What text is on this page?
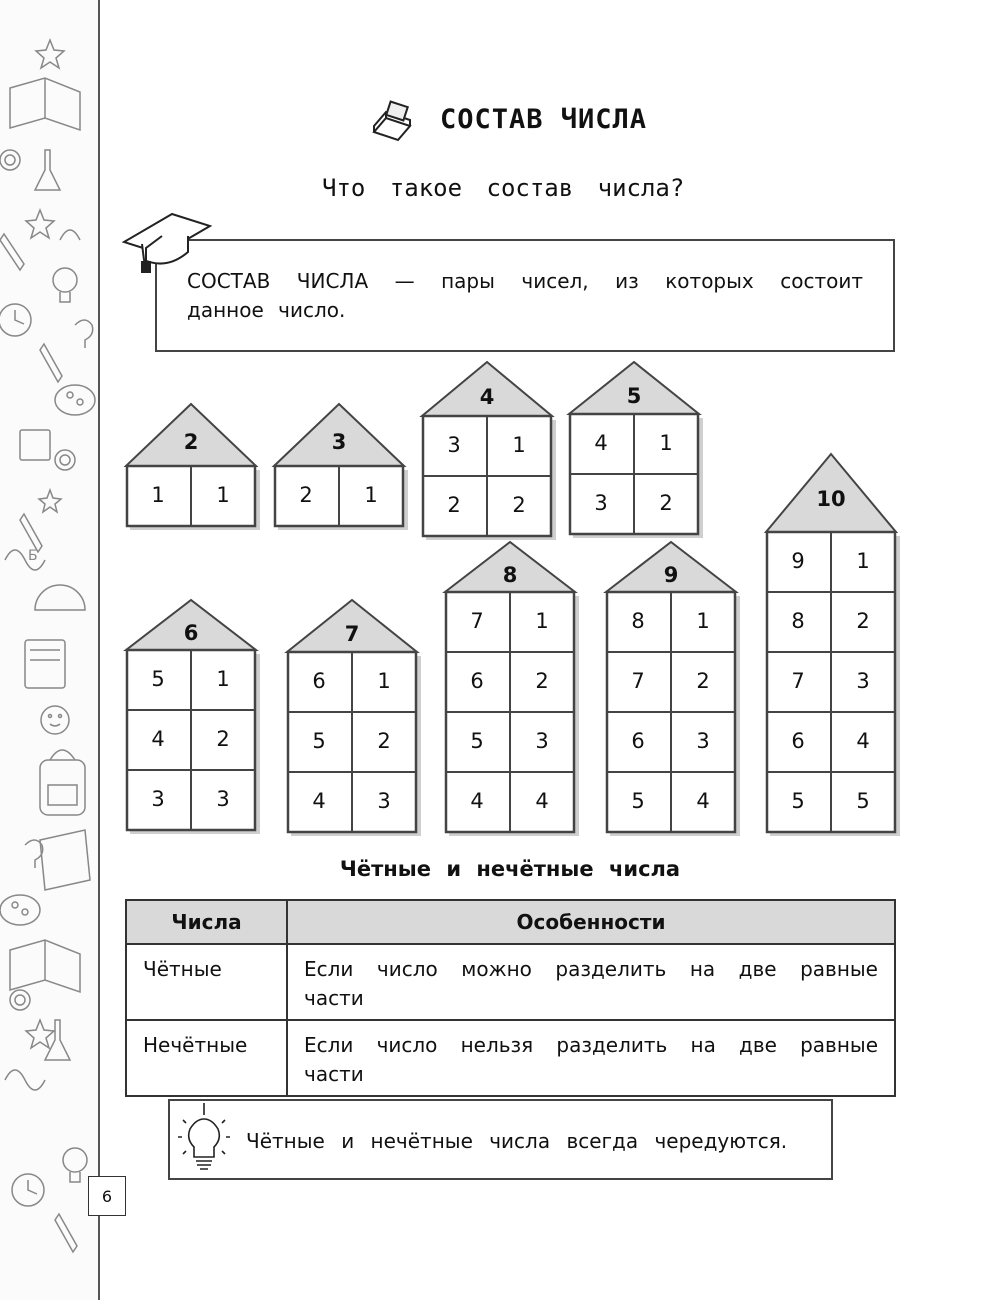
Б
6
СОСТАВ ЧИСЛА
Что такое состав числа?
СОСТАВ ЧИСЛА — пары чисел, из которых состоит данное число.
2
1	1
3
2	1
4
3	1
2	2
5
4	1
3	2
6
5	1
4	2
3	3
7
6	1
5	2
4	3
8
7	1
6	2
5	3
4	4
9
8	1
7	2
6	3
5	4
10
9	1
8	2
7	3
6	4
5	5
Чётные и нечётные числа
Числа	Особенности
Чётные	Если число можно разделить на две равные части
Нечётные	Если число нельзя разделить на две равные части
Чётные и нечётные числа всегда чередуются.
